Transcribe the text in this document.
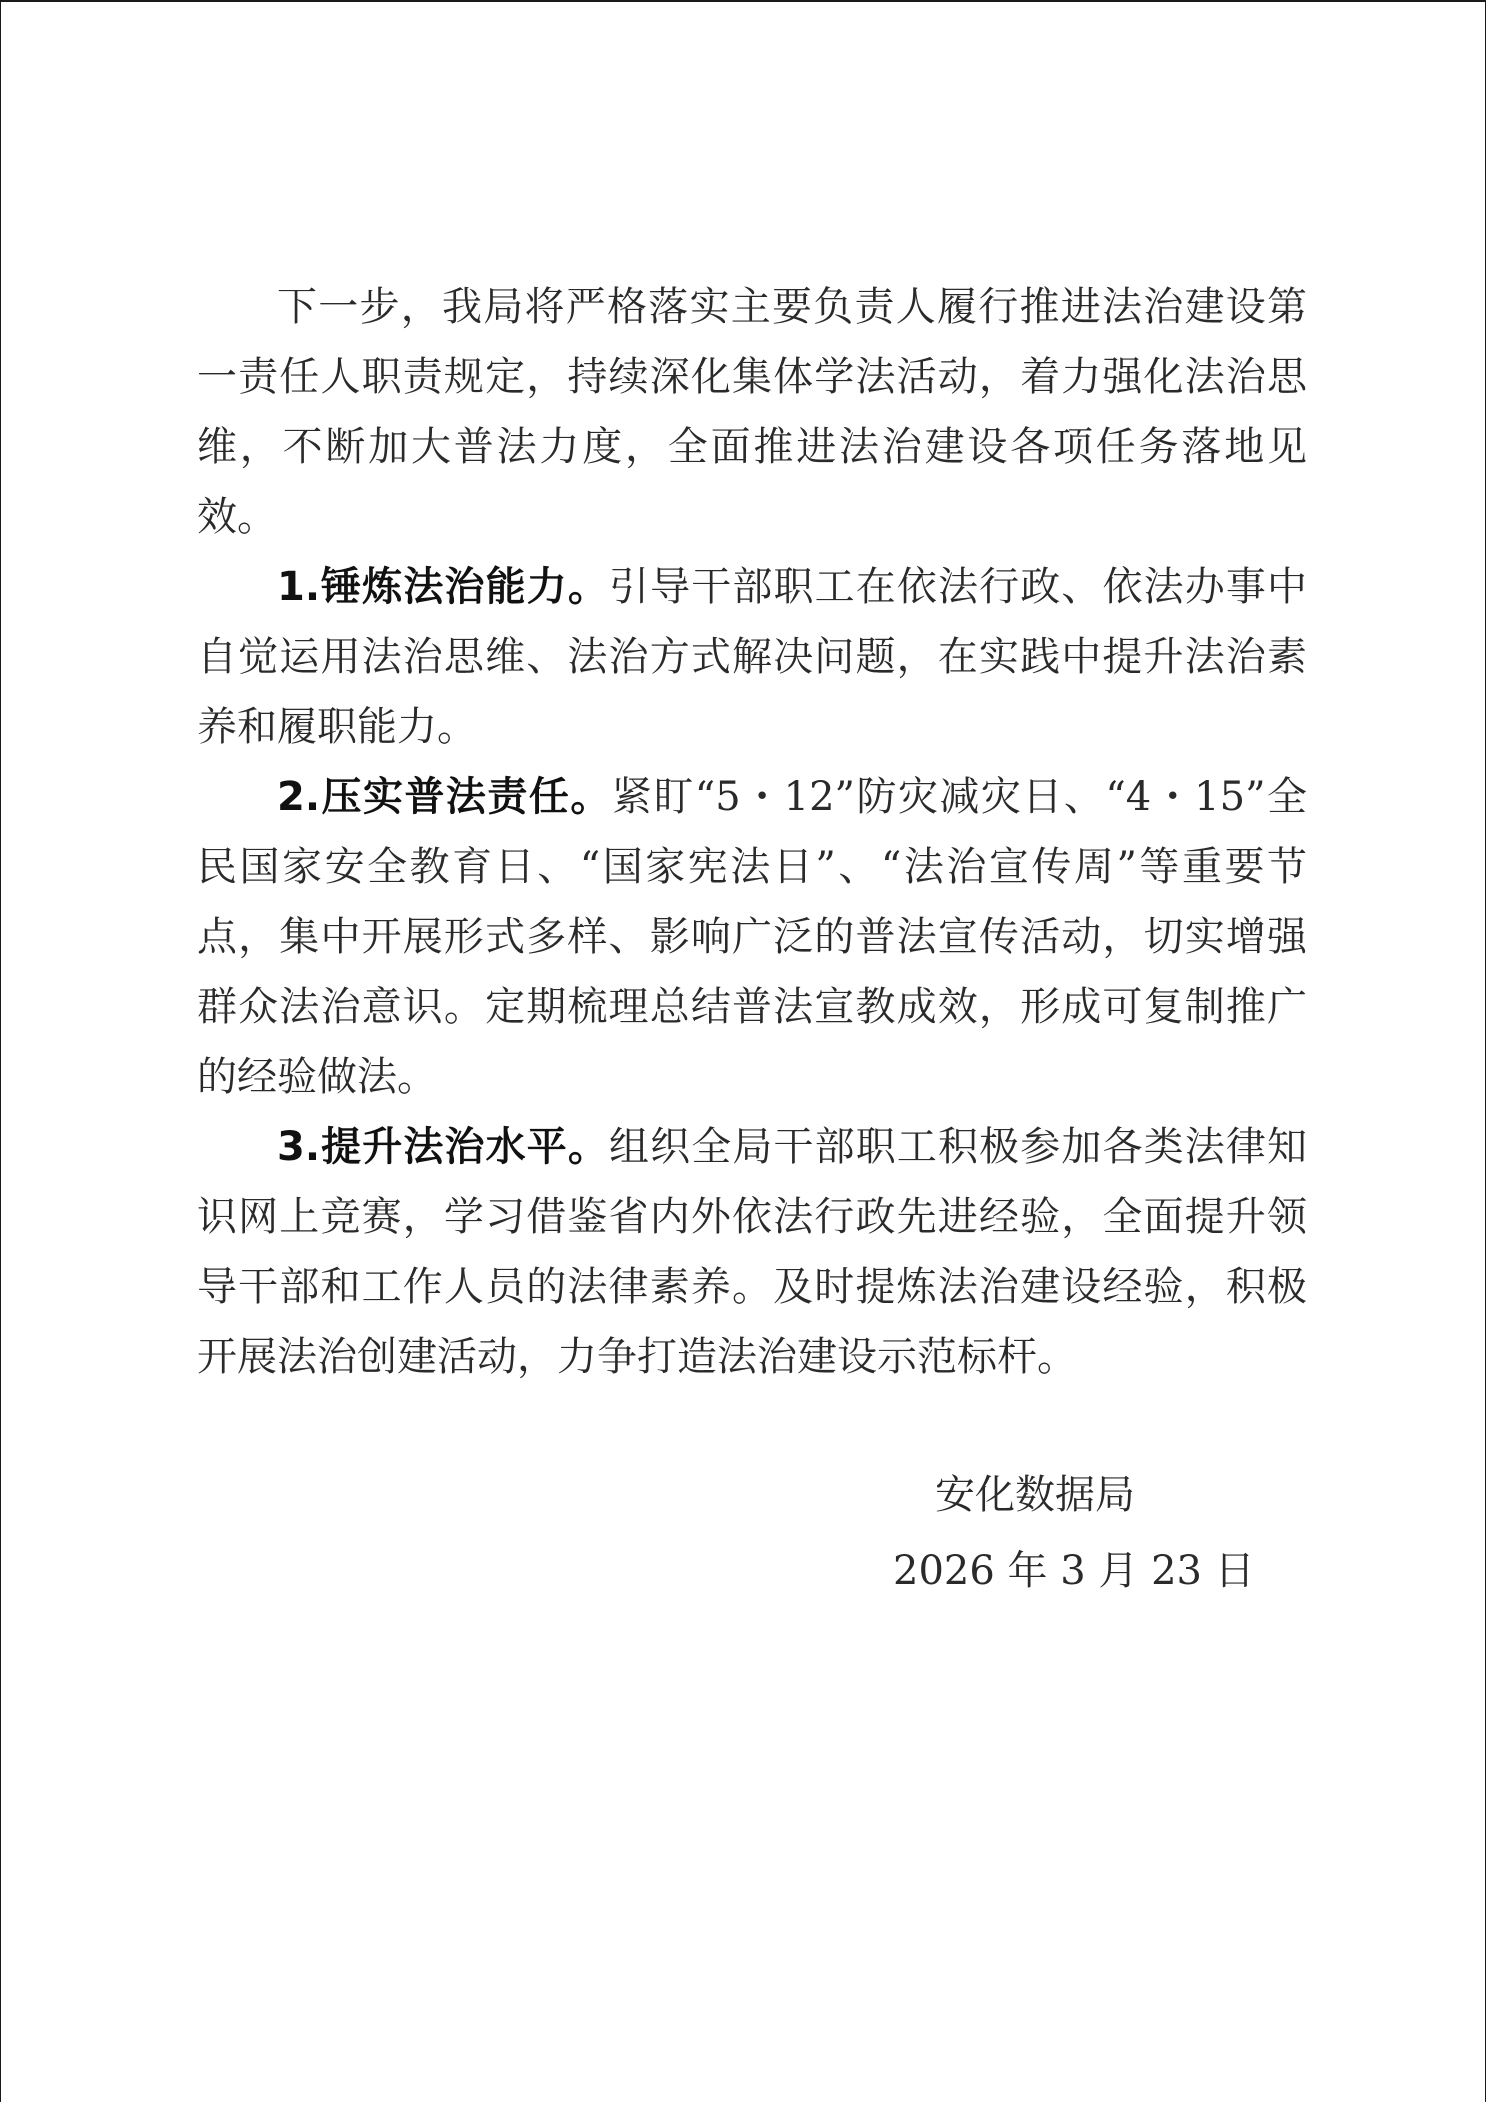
下一步，我局将严格落实主要负责人履行推进法治建设第一责任人职责规定，持续深化集体学法活动，着力强化法治思维，不断加大普法力度，全面推进法治建设各项任务落地见效。

1.锤炼法治能力。引导干部职工在依法行政、依法办事中自觉运用法治思维、法治方式解决问题，在实践中提升法治素养和履职能力。

2.压实普法责任。紧盯“5・12”防灾减灾日、“4・15”全民国家安全教育日、“国家宪法日”、“法治宣传周”等重要节点，集中开展形式多样、影响广泛的普法宣传活动，切实增强群众法治意识。定期梳理总结普法宣教成效，形成可复制推广的经验做法。

3.提升法治水平。组织全局干部职工积极参加各类法律知识网上竞赛，学习借鉴省内外依法行政先进经验，全面提升领导干部和工作人员的法律素养。及时提炼法治建设经验，积极开展法治创建活动，力争打造法治建设示范标杆。

安化数据局
2026 年 3 月 23 日
